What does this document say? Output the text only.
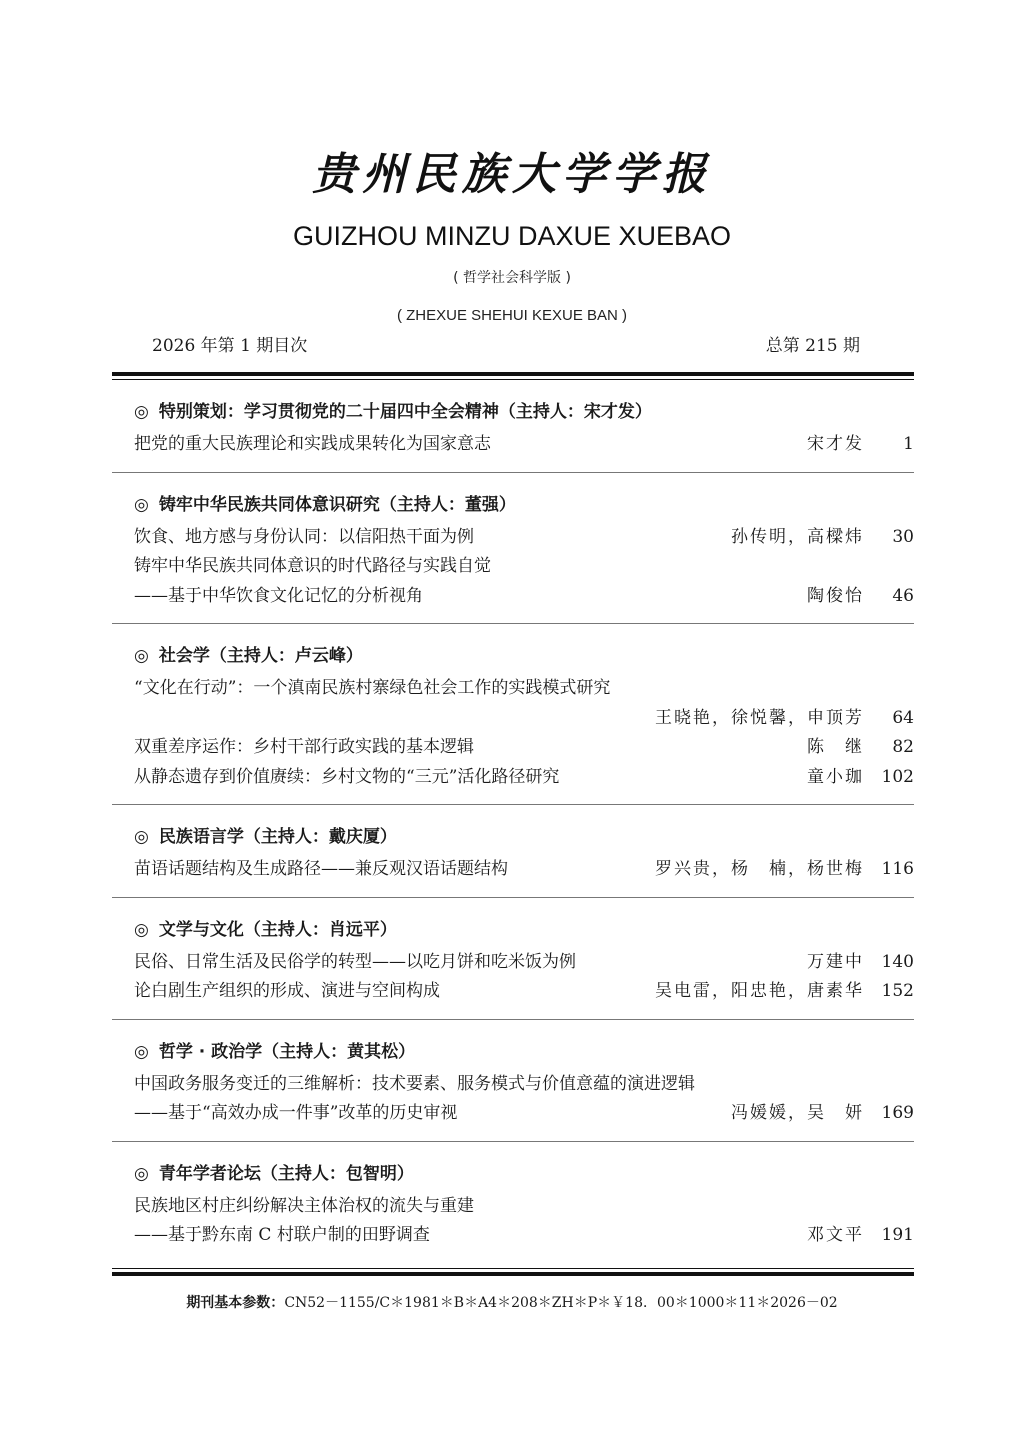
贵州民族大学学报
GUIZHOU MINZU DAXUE XUEBAO
( 哲学社会科学版 )
( ZHEXUE SHEHUI KEXUE BAN )
2026 年第 1 期目次	总第 215 期
◎ 特别策划：学习贯彻党的二十届四中全会精神（主持人：宋才发）
把党的重大民族理论和实践成果转化为国家意志	宋才发	1
◎ 铸牢中华民族共同体意识研究（主持人：董强）
饮食、地方感与身份认同：以信阳热干面为例	孙传明，高樑炜	30
铸牢中华民族共同体意识的时代路径与实践自觉
——基于中华饮食文化记忆的分析视角	陶俊怡	46
◎ 社会学（主持人：卢云峰）
“文化在行动”：一个滇南民族村寨绿色社会工作的实践模式研究
王晓艳，徐悦馨，申顶芳	64
双重差序运作：乡村干部行政实践的基本逻辑	陈　继	82
从静态遗存到价值赓续：乡村文物的“三元”活化路径研究	童小珈	102
◎ 民族语言学（主持人：戴庆厦）
苗语话题结构及生成路径——兼反观汉语话题结构	罗兴贵，杨　楠，杨世梅	116
◎ 文学与文化（主持人：肖远平）
民俗、日常生活及民俗学的转型——以吃月饼和吃米饭为例	万建中	140
论白剧生产组织的形成、演进与空间构成	吴电雷，阳忠艳，唐素华	152
◎ 哲学 · 政治学（主持人：黄其松）
中国政务服务变迁的三维解析：技术要素、服务模式与价值意蕴的演进逻辑
——基于“高效办成一件事”改革的历史审视	冯媛媛，吴　妍	169
◎ 青年学者论坛（主持人：包智明）
民族地区村庄纠纷解决主体治权的流失与重建
——基于黔东南 C 村联户制的田野调查	邓文平	191
期刊基本参数：CN52－1155/C＊1981＊B＊A4＊208＊ZH＊P＊￥18．00＊1000＊11＊2026－02
